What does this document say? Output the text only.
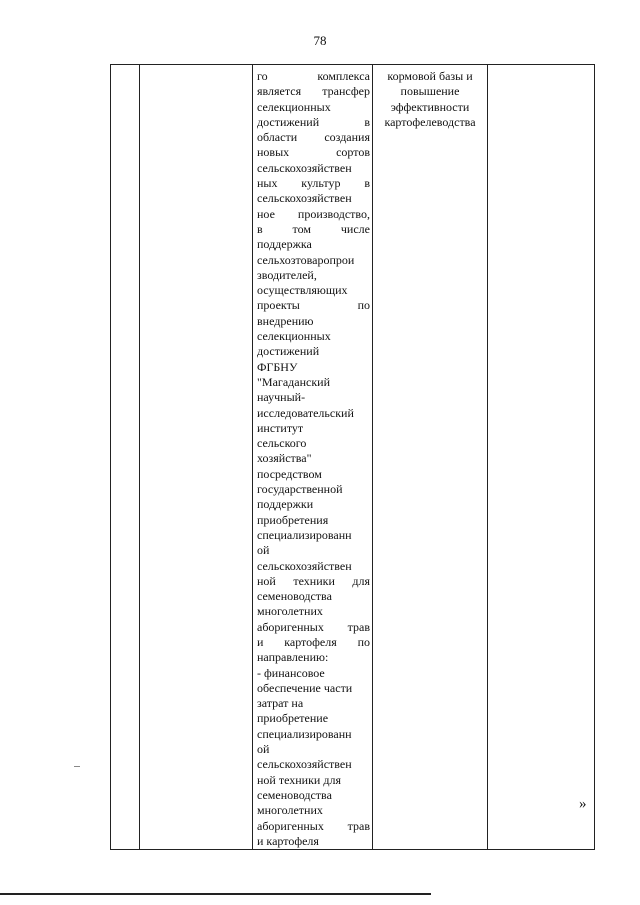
78

го комплекса
является трансфер
селекционных
достижений в
области создания
новых сортов
сельскохозяйствен
ных культур в
сельскохозяйствен
ное производство,
в том числе
поддержка
сельхозтоваропрои
зводителей,
осуществляющих
проекты по
внедрению
селекционных
достижений
ФГБНУ
"Магаданский
научный-
исследовательский
институт
сельского
хозяйства"
посредством
государственной
поддержки
приобретения
специализированн
ой
сельскохозяйствен
ной техники для
семеноводства
многолетних
аборигенных трав
и картофеля по
направлению:
- финансовое
обеспечение части
затрат на
приобретение
специализированн
ой
сельскохозяйствен
ной техники для
семеноводства
многолетних
аборигенных трав
и картофеля

кормовой базы и
повышение
эффективности
картофелеводства

»
